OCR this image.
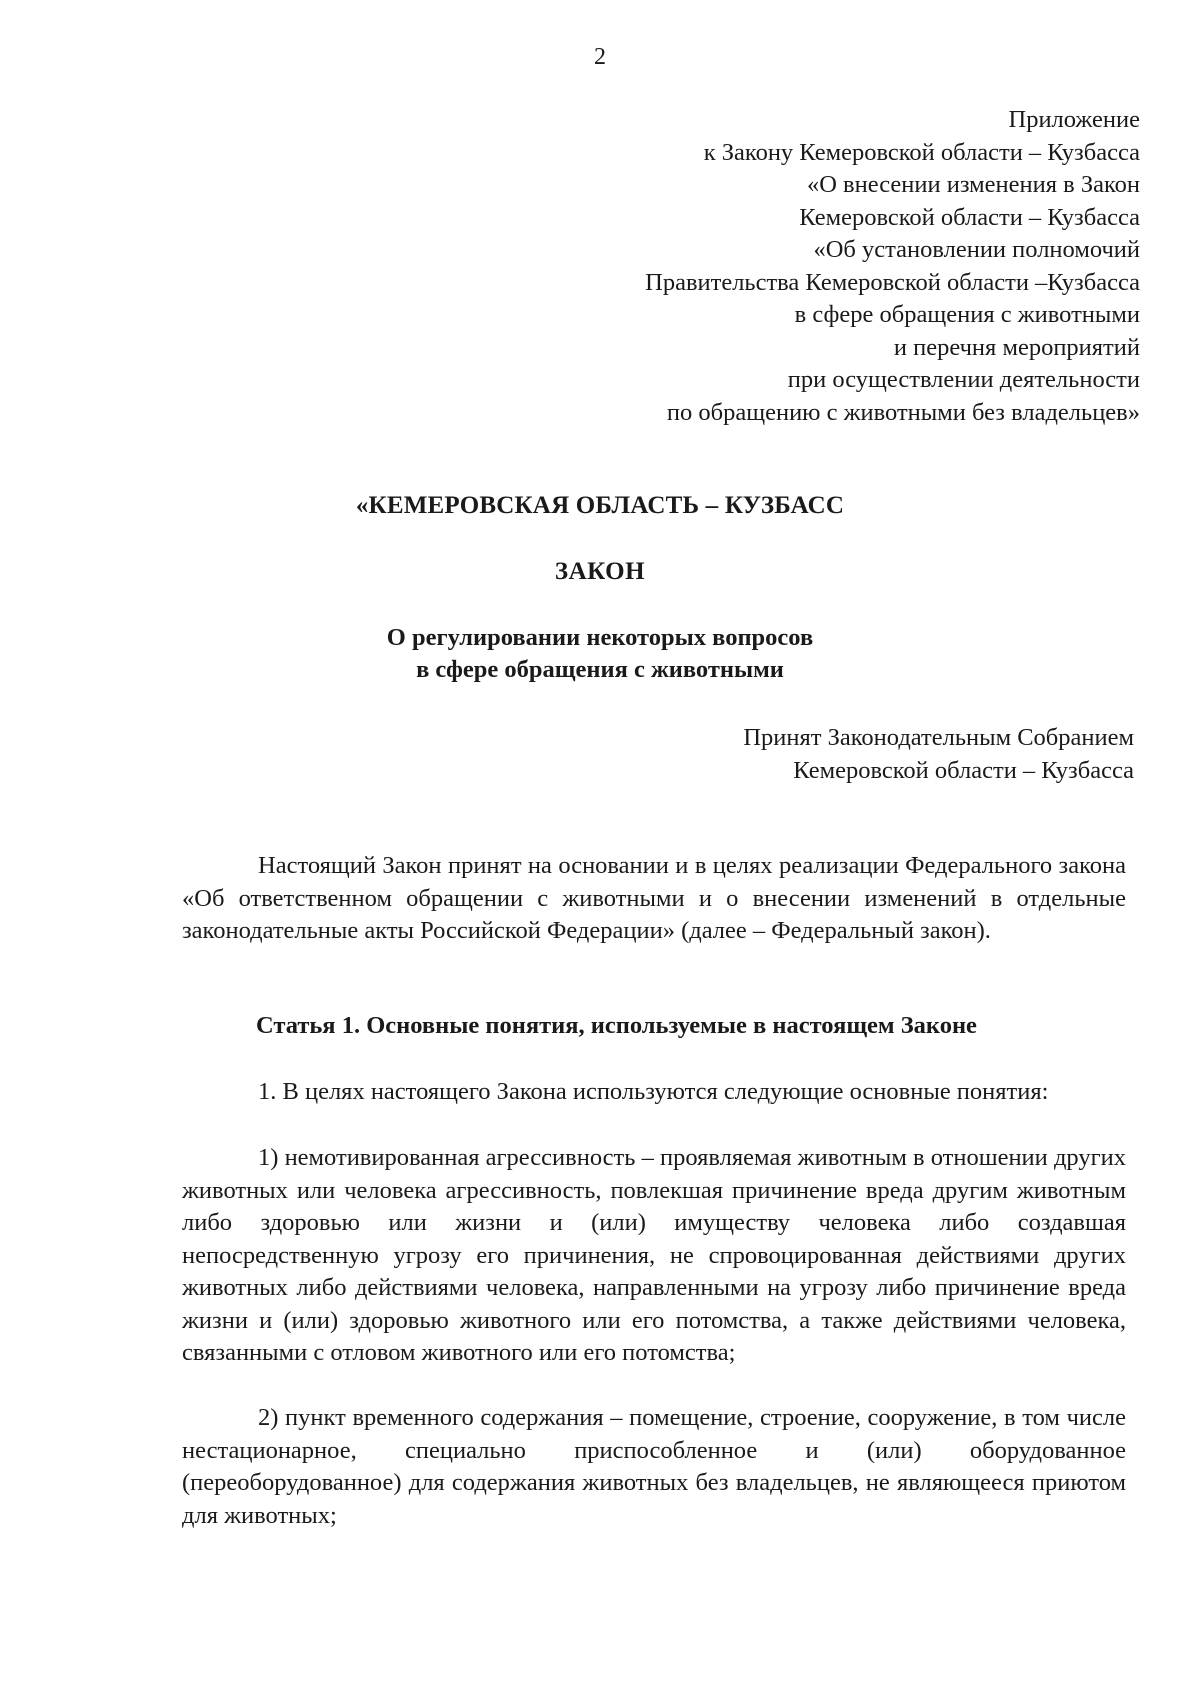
2
Приложение
к Закону Кемеровской области – Кузбасса
«О внесении изменения в Закон
Кемеровской области – Кузбасса
«Об установлении полномочий
Правительства Кемеровской области –Кузбасса
в сфере обращения с животными
и перечня мероприятий
при осуществлении деятельности
по обращению с животными без владельцев»
«КЕМЕРОВСКАЯ ОБЛАСТЬ – КУЗБАСС
ЗАКОН
О регулировании некоторых вопросов
в сфере обращения с животными
Принят Законодательным Собранием
Кемеровской области – Кузбасса

Настоящий Закон принят на основании и в целях реализации Федерального закона «Об ответственном обращении с животными и о внесении изменений в отдельные законодательные акты Российской Федерации» (далее – Федеральный закон).

Статья 1. Основные понятия, используемые в настоящем Законе

1. В целях настоящего Закона используются следующие основные понятия:

1) немотивированная агрессивность – проявляемая животным в отношении других животных или человека агрессивность, повлекшая причинение вреда другим животным либо здоровью или жизни и (или) имуществу человека либо создавшая непосредственную угрозу его причинения, не спровоцированная действиями других животных либо действиями человека, направленными на угрозу либо причинение вреда жизни и (или) здоровью животного или его потомства, а также действиями человека, связанными с отловом животного или его потомства;

2) пункт временного содержания – помещение, строение, сооружение, в том числе нестационарное, специально приспособленное и (или) оборудованное (переоборудованное) для содержания животных без владельцев, не являющееся приютом для животных;
